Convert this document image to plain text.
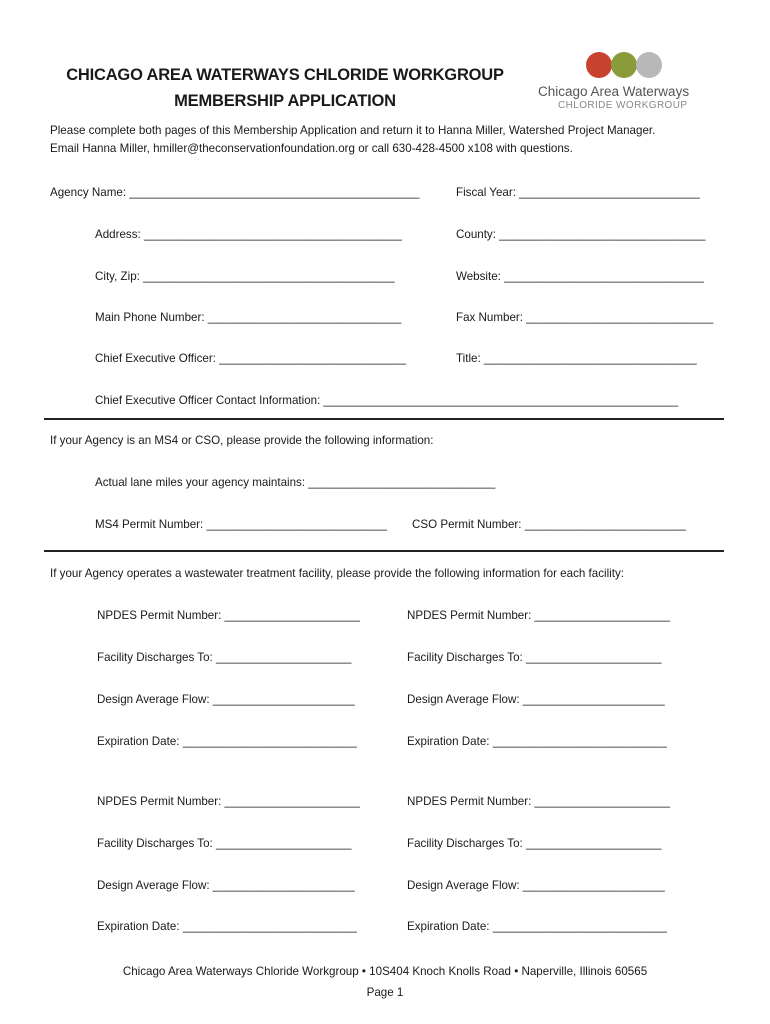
CHICAGO AREA WATERWAYS CHLORIDE WORKGROUP
MEMBERSHIP APPLICATION
Chicago Area Waterways
CHLORIDE WORKGROUP
Please complete both pages of this Membership Application and return it to Hanna Miller, Watershed Project Manager.
Email Hanna Miller, hmiller@theconservationfoundation.org or call 630-428-4500 x108 with questions.
Agency Name: _____________________________________________	Fiscal Year: ____________________________
Address: ________________________________________	County: ________________________________
City, Zip: _______________________________________	Website: _______________________________
Main Phone Number: ______________________________	Fax Number: _____________________________
Chief Executive Officer: _____________________________	Title: _________________________________
Chief Executive Officer Contact Information: _______________________________________________________
If your Agency is an MS4 or CSO, please provide the following information:
Actual lane miles your agency maintains: _____________________________
MS4 Permit Number: ____________________________ CSO Permit Number: _________________________
If your Agency operates a wastewater treatment facility, please provide the following information for each facility:
NPDES Permit Number: _____________________	NPDES Permit Number: _____________________
Facility Discharges To: _____________________	Facility Discharges To: _____________________
Design Average Flow: ______________________	Design Average Flow: ______________________
Expiration Date: ___________________________	Expiration Date: ___________________________
NPDES Permit Number: _____________________	NPDES Permit Number: _____________________
Facility Discharges To: _____________________	Facility Discharges To: _____________________
Design Average Flow: ______________________	Design Average Flow: ______________________
Expiration Date: ___________________________	Expiration Date: ___________________________
Chicago Area Waterways Chloride Workgroup • 10S404 Knoch Knolls Road • Naperville, Illinois 60565
Page 1
